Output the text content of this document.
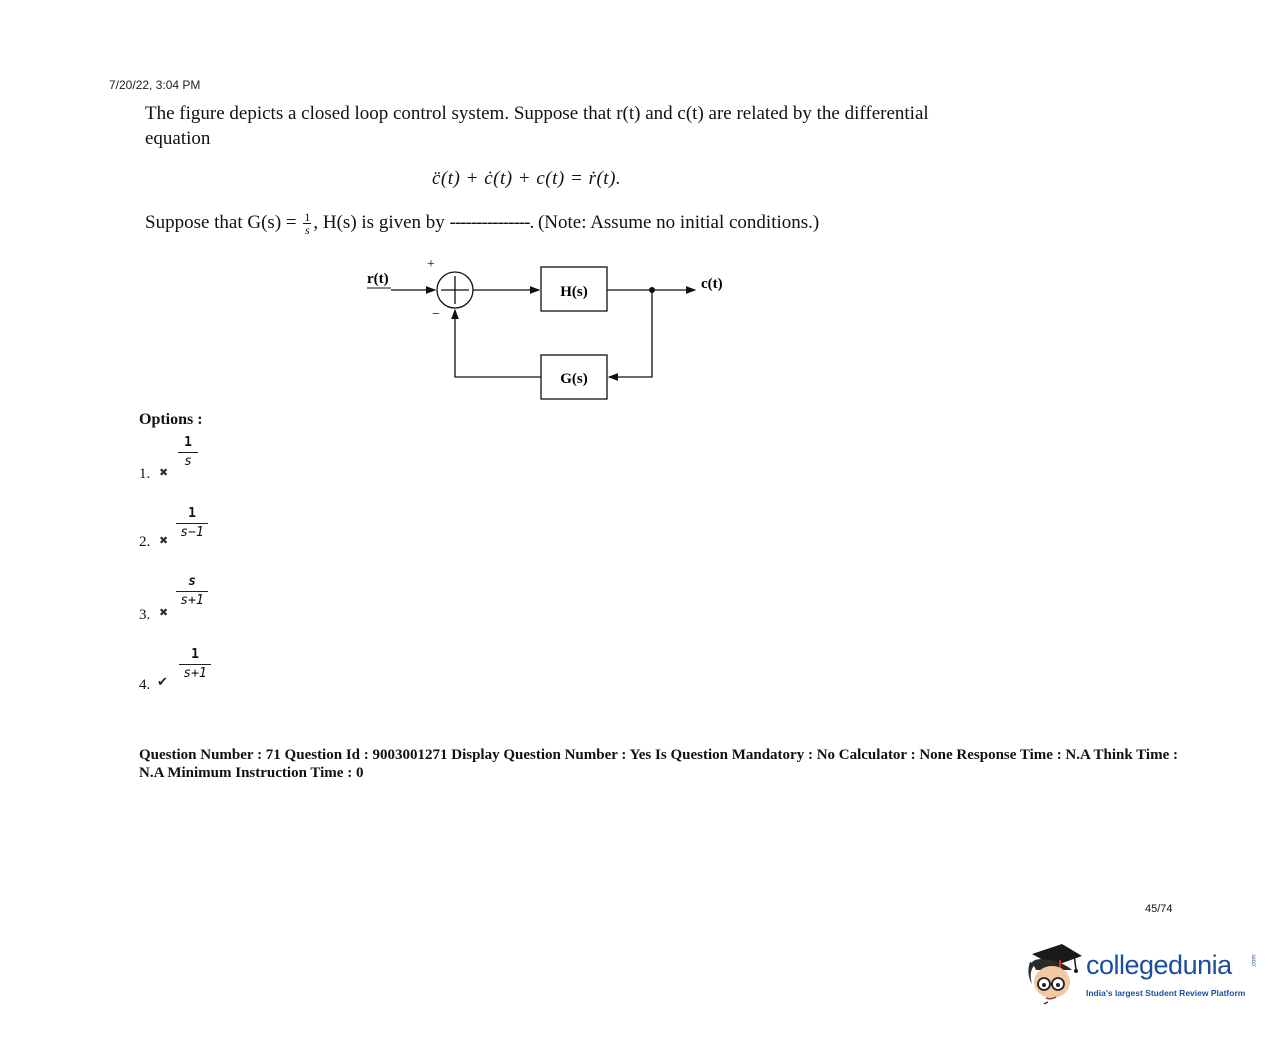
7/20/22, 3:04 PM
The figure depicts a closed loop control system. Suppose that r(t) and c(t) are related by the differential equation
c̈(t) + ċ(t) + c(t) = ṙ(t).
Suppose that $G(s) = \frac{1}{s}$ , H(s) is given by ---------------. (Note: Assume no initial conditions.)
r(t)
+
−
H(s)	c(t)
G(s)
Options :
1. ✖
1
s
2. ✖
1
s−1
3. ✖
s
s+1
4. ✔
1
s+1
Question Number : 71 Question Id : 9003001271 Display Question Number : Yes Is Question Mandatory : No Calculator : None Response Time : N.A Think Time : N.A Minimum Instruction Time : 0
45/74
collegedunia	.com
India's largest Student Review Platform
